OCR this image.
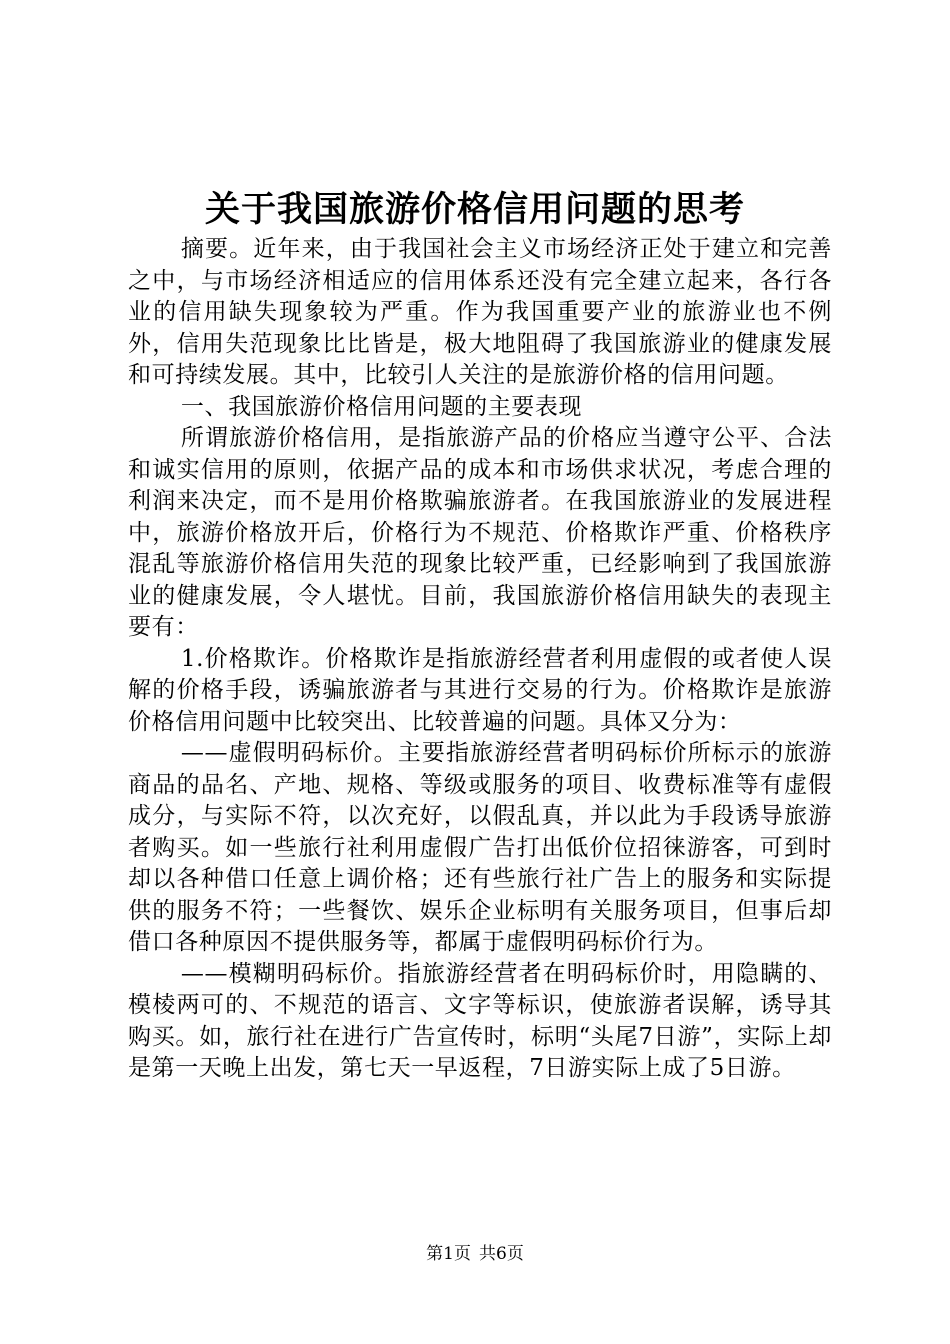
关于我国旅游价格信用问题的思考

摘要。近年来，由于我国社会主义市场经济正处于建立和完善之中，与市场经济相适应的信用体系还没有完全建立起来，各行各业的信用缺失现象较为严重。作为我国重要产业的旅游业也不例外，信用失范现象比比皆是，极大地阻碍了我国旅游业的健康发展和可持续发展。其中，比较引人关注的是旅游价格的信用问题。

一、我国旅游价格信用问题的主要表现

所谓旅游价格信用，是指旅游产品的价格应当遵守公平、合法和诚实信用的原则，依据产品的成本和市场供求状况，考虑合理的利润来决定，而不是用价格欺骗旅游者。在我国旅游业的发展进程中，旅游价格放开后，价格行为不规范、价格欺诈严重、价格秩序混乱等旅游价格信用失范的现象比较严重，已经影响到了我国旅游业的健康发展，令人堪忧。目前，我国旅游价格信用缺失的表现主要有：

1.价格欺诈。价格欺诈是指旅游经营者利用虚假的或者使人误解的价格手段，诱骗旅游者与其进行交易的行为。价格欺诈是旅游价格信用问题中比较突出、比较普遍的问题。具体又分为：

——虚假明码标价。主要指旅游经营者明码标价所标示的旅游商品的品名、产地、规格、等级或服务的项目、收费标准等有虚假成分，与实际不符，以次充好，以假乱真，并以此为手段诱导旅游者购买。如一些旅行社利用虚假广告打出低价位招徕游客，可到时却以各种借口任意上调价格；还有些旅行社广告上的服务和实际提供的服务不符；一些餐饮、娱乐企业标明有关服务项目，但事后却借口各种原因不提供服务等，都属于虚假明码标价行为。

——模糊明码标价。指旅游经营者在明码标价时，用隐瞒的、模棱两可的、不规范的语言、文字等标识，使旅游者误解，诱导其购买。如，旅行社在进行广告宣传时，标明“头尾7日游”，实际上却是第一天晚上出发，第七天一早返程，7日游实际上成了5日游。

第1页 共6页
